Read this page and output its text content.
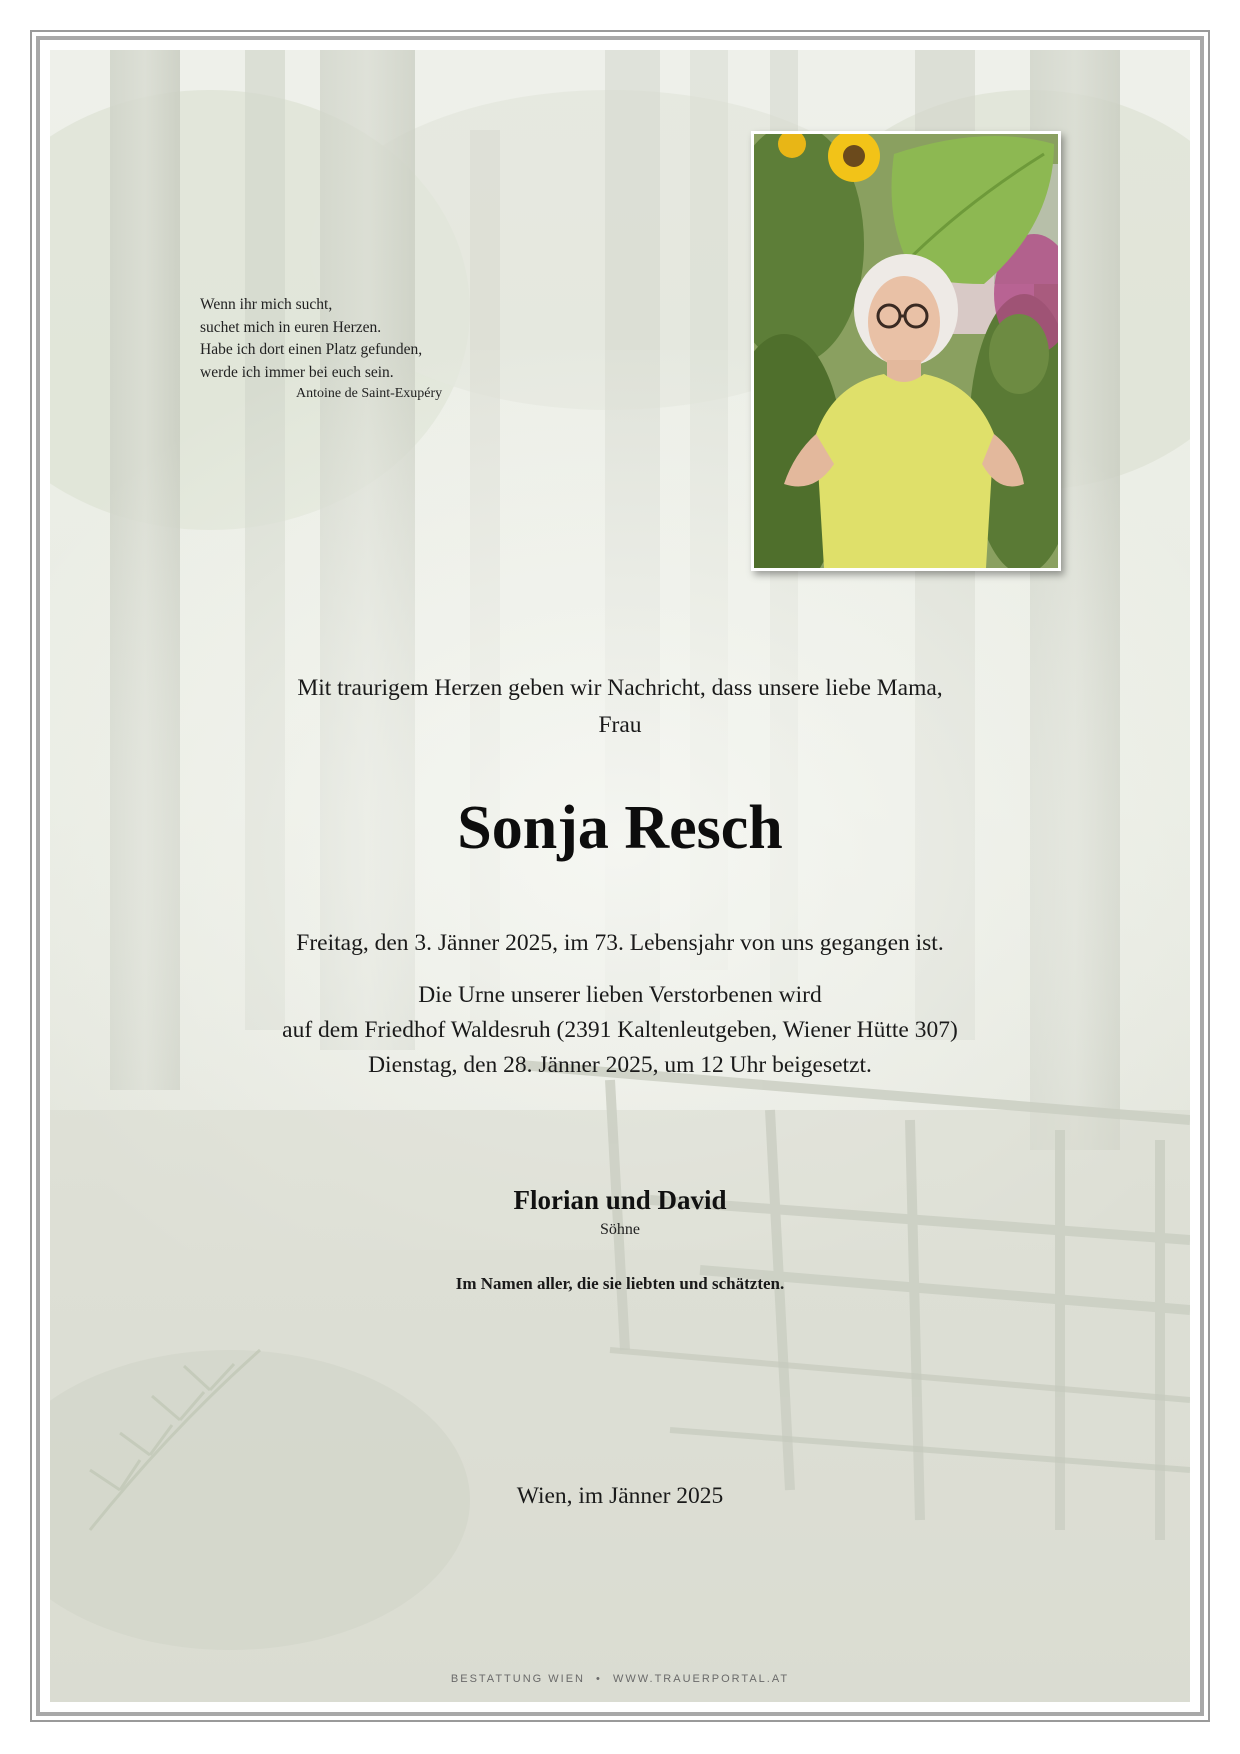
Wenn ihr mich sucht,
suchet mich in euren Herzen.
Habe ich dort einen Platz gefunden,
werde ich immer bei euch sein.
Antoine de Saint-Exupéry
Mit traurigem Herzen geben wir Nachricht, dass unsere liebe Mama,
Frau
Sonja Resch
Freitag, den 3. Jänner 2025, im 73. Lebensjahr von uns gegangen ist.
Die Urne unserer lieben Verstorbenen wird
auf dem Friedhof Waldesruh (2391 Kaltenleutgeben, Wiener Hütte 307)
Dienstag, den 28. Jänner 2025, um 12 Uhr beigesetzt.
Florian und David
Söhne
Im Namen aller, die sie liebten und schätzten.
Wien, im Jänner 2025
BESTATTUNG WIEN • WWW.TRAUERPORTAL.AT
